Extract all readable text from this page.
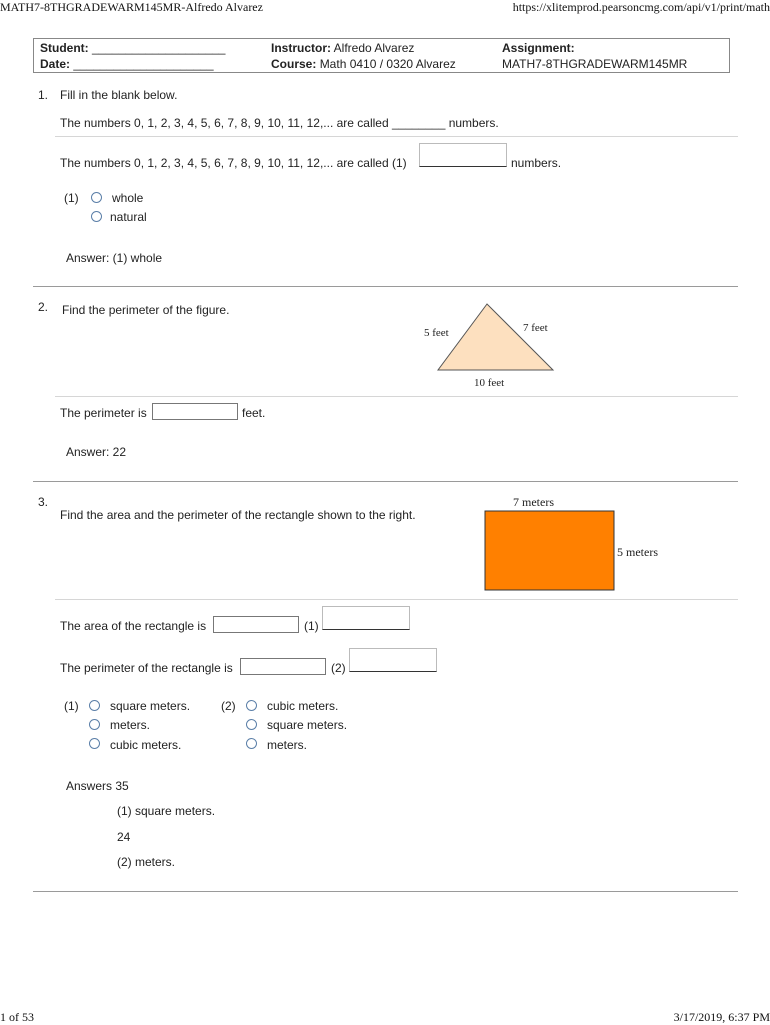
MATH7-8THGRADEWARM145MR-Alfredo Alvarez	https://xlitemprod.pearsoncmg.com/api/v1/print/math
Student: ____________________
Date: _____________________
Instructor: Alfredo Alvarez
Course: Math 0410 / 0320 Alvarez
Assignment:
MATH7-8THGRADEWARM145MR
1. Fill in the blank below.
The numbers 0, 1, 2, 3, 4, 5, 6, 7, 8, 9, 10, 11, 12,... are called ________ numbers.
The numbers 0, 1, 2, 3, 4, 5, 6, 7, 8, 9, 10, 11, 12,... are called (1)	numbers.
(1)	whole
natural
Answer: (1) whole
2. Find the perimeter of the figure.
5 feet	7 feet
10 feet
The perimeter is	feet.
Answer: 22
3.
Find the area and the perimeter of the rectangle shown to the right.
7 meters
5 meters
The area of the rectangle is	(1)
The perimeter of the rectangle is	(2)
(1)	square meters.
meters.
cubic meters.
(2)	cubic meters.
square meters.
meters.
Answers 35
(1) square meters.
24
(2) meters.
1 of 53	3/17/2019, 6:37 PM
